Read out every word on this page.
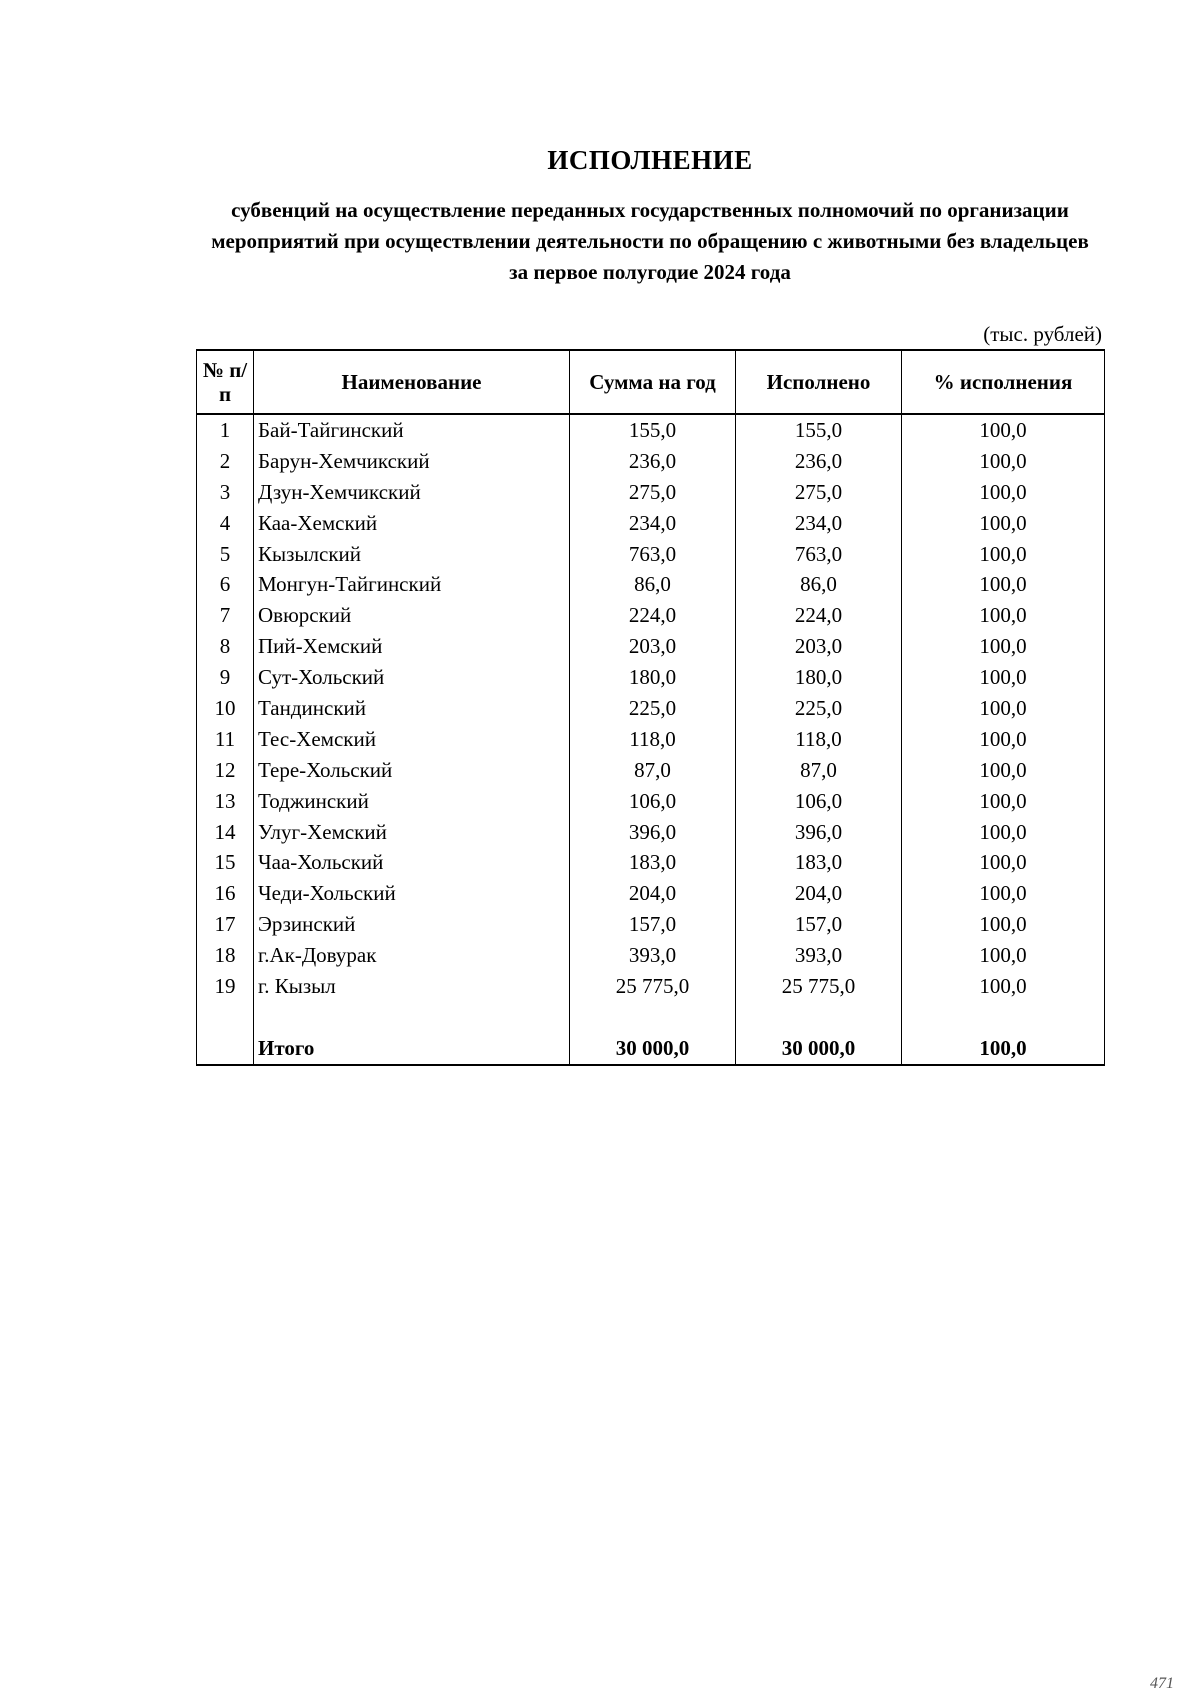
ИСПОЛНЕНИЕ
субвенций на осуществление переданных государственных полномочий по организации мероприятий при осуществлении деятельности по обращению с животными без владельцев за первое полугодие 2024 года
(тыс. рублей)
№ п/п	Наименование	Сумма на год	Исполнено	% исполнения
1	Бай-Тайгинский	155,0	155,0	100,0
2	Барун-Хемчикский	236,0	236,0	100,0
3	Дзун-Хемчикский	275,0	275,0	100,0
4	Каа-Хемский	234,0	234,0	100,0
5	Кызылский	763,0	763,0	100,0
6	Монгун-Тайгинский	86,0	86,0	100,0
7	Овюрский	224,0	224,0	100,0
8	Пий-Хемский	203,0	203,0	100,0
9	Сут-Хольский	180,0	180,0	100,0
10	Тандинский	225,0	225,0	100,0
11	Тес-Хемский	118,0	118,0	100,0
12	Тере-Хольский	87,0	87,0	100,0
13	Тоджинский	106,0	106,0	100,0
14	Улуг-Хемский	396,0	396,0	100,0
15	Чаа-Хольский	183,0	183,0	100,0
16	Чеди-Хольский	204,0	204,0	100,0
17	Эрзинский	157,0	157,0	100,0
18	г.Ак-Довурак	393,0	393,0	100,0
19	г. Кызыл	25 775,0	25 775,0	100,0

	Итого	30 000,0	30 000,0	100,0
471
